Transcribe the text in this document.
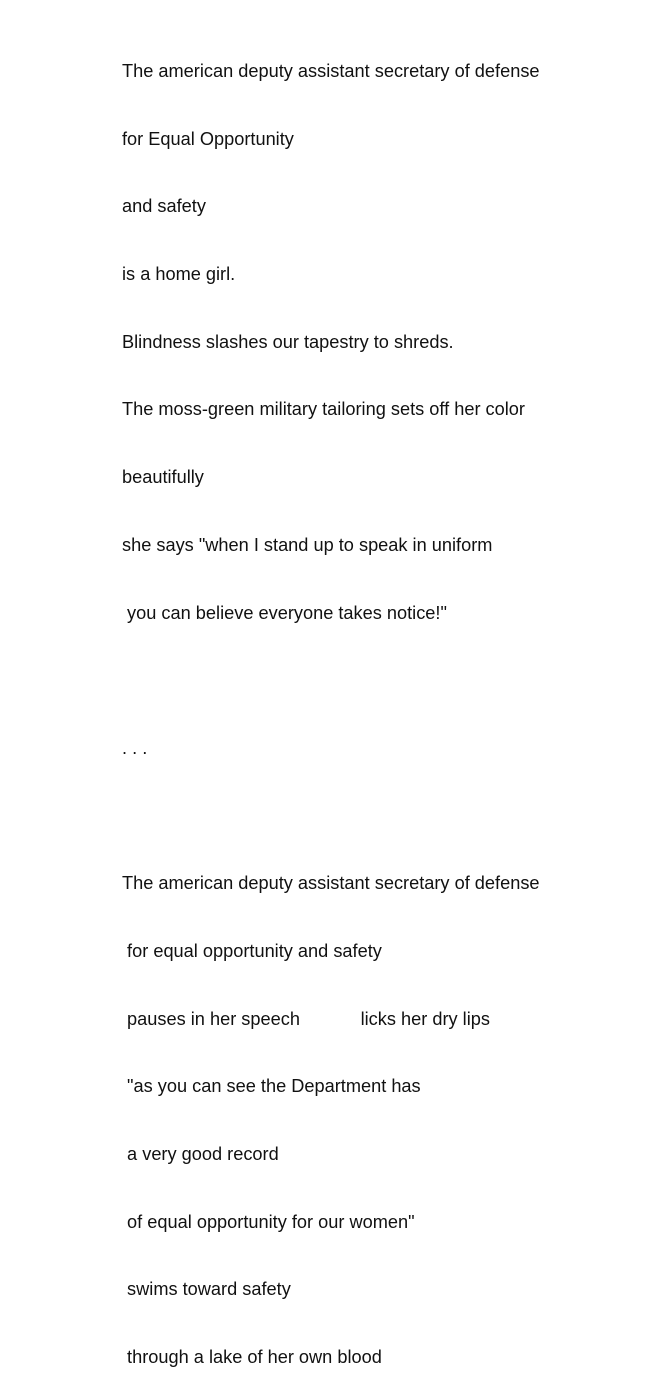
The american deputy assistant secretary of defense

for Equal Opportunity

and safety

is a home girl.

Blindness slashes our tapestry to shreds.

The moss-green military tailoring sets off her color

beautifully

she says "when I stand up to speak in uniform

you can believe everyone takes notice!"

. . .

The american deputy assistant secretary of defense

for equal opportunity and safety

pauses in her speech            licks her dry lips

"as you can see the Department has

a very good record

of equal opportunity for our women"

swims toward safety

through a lake of her own blood
